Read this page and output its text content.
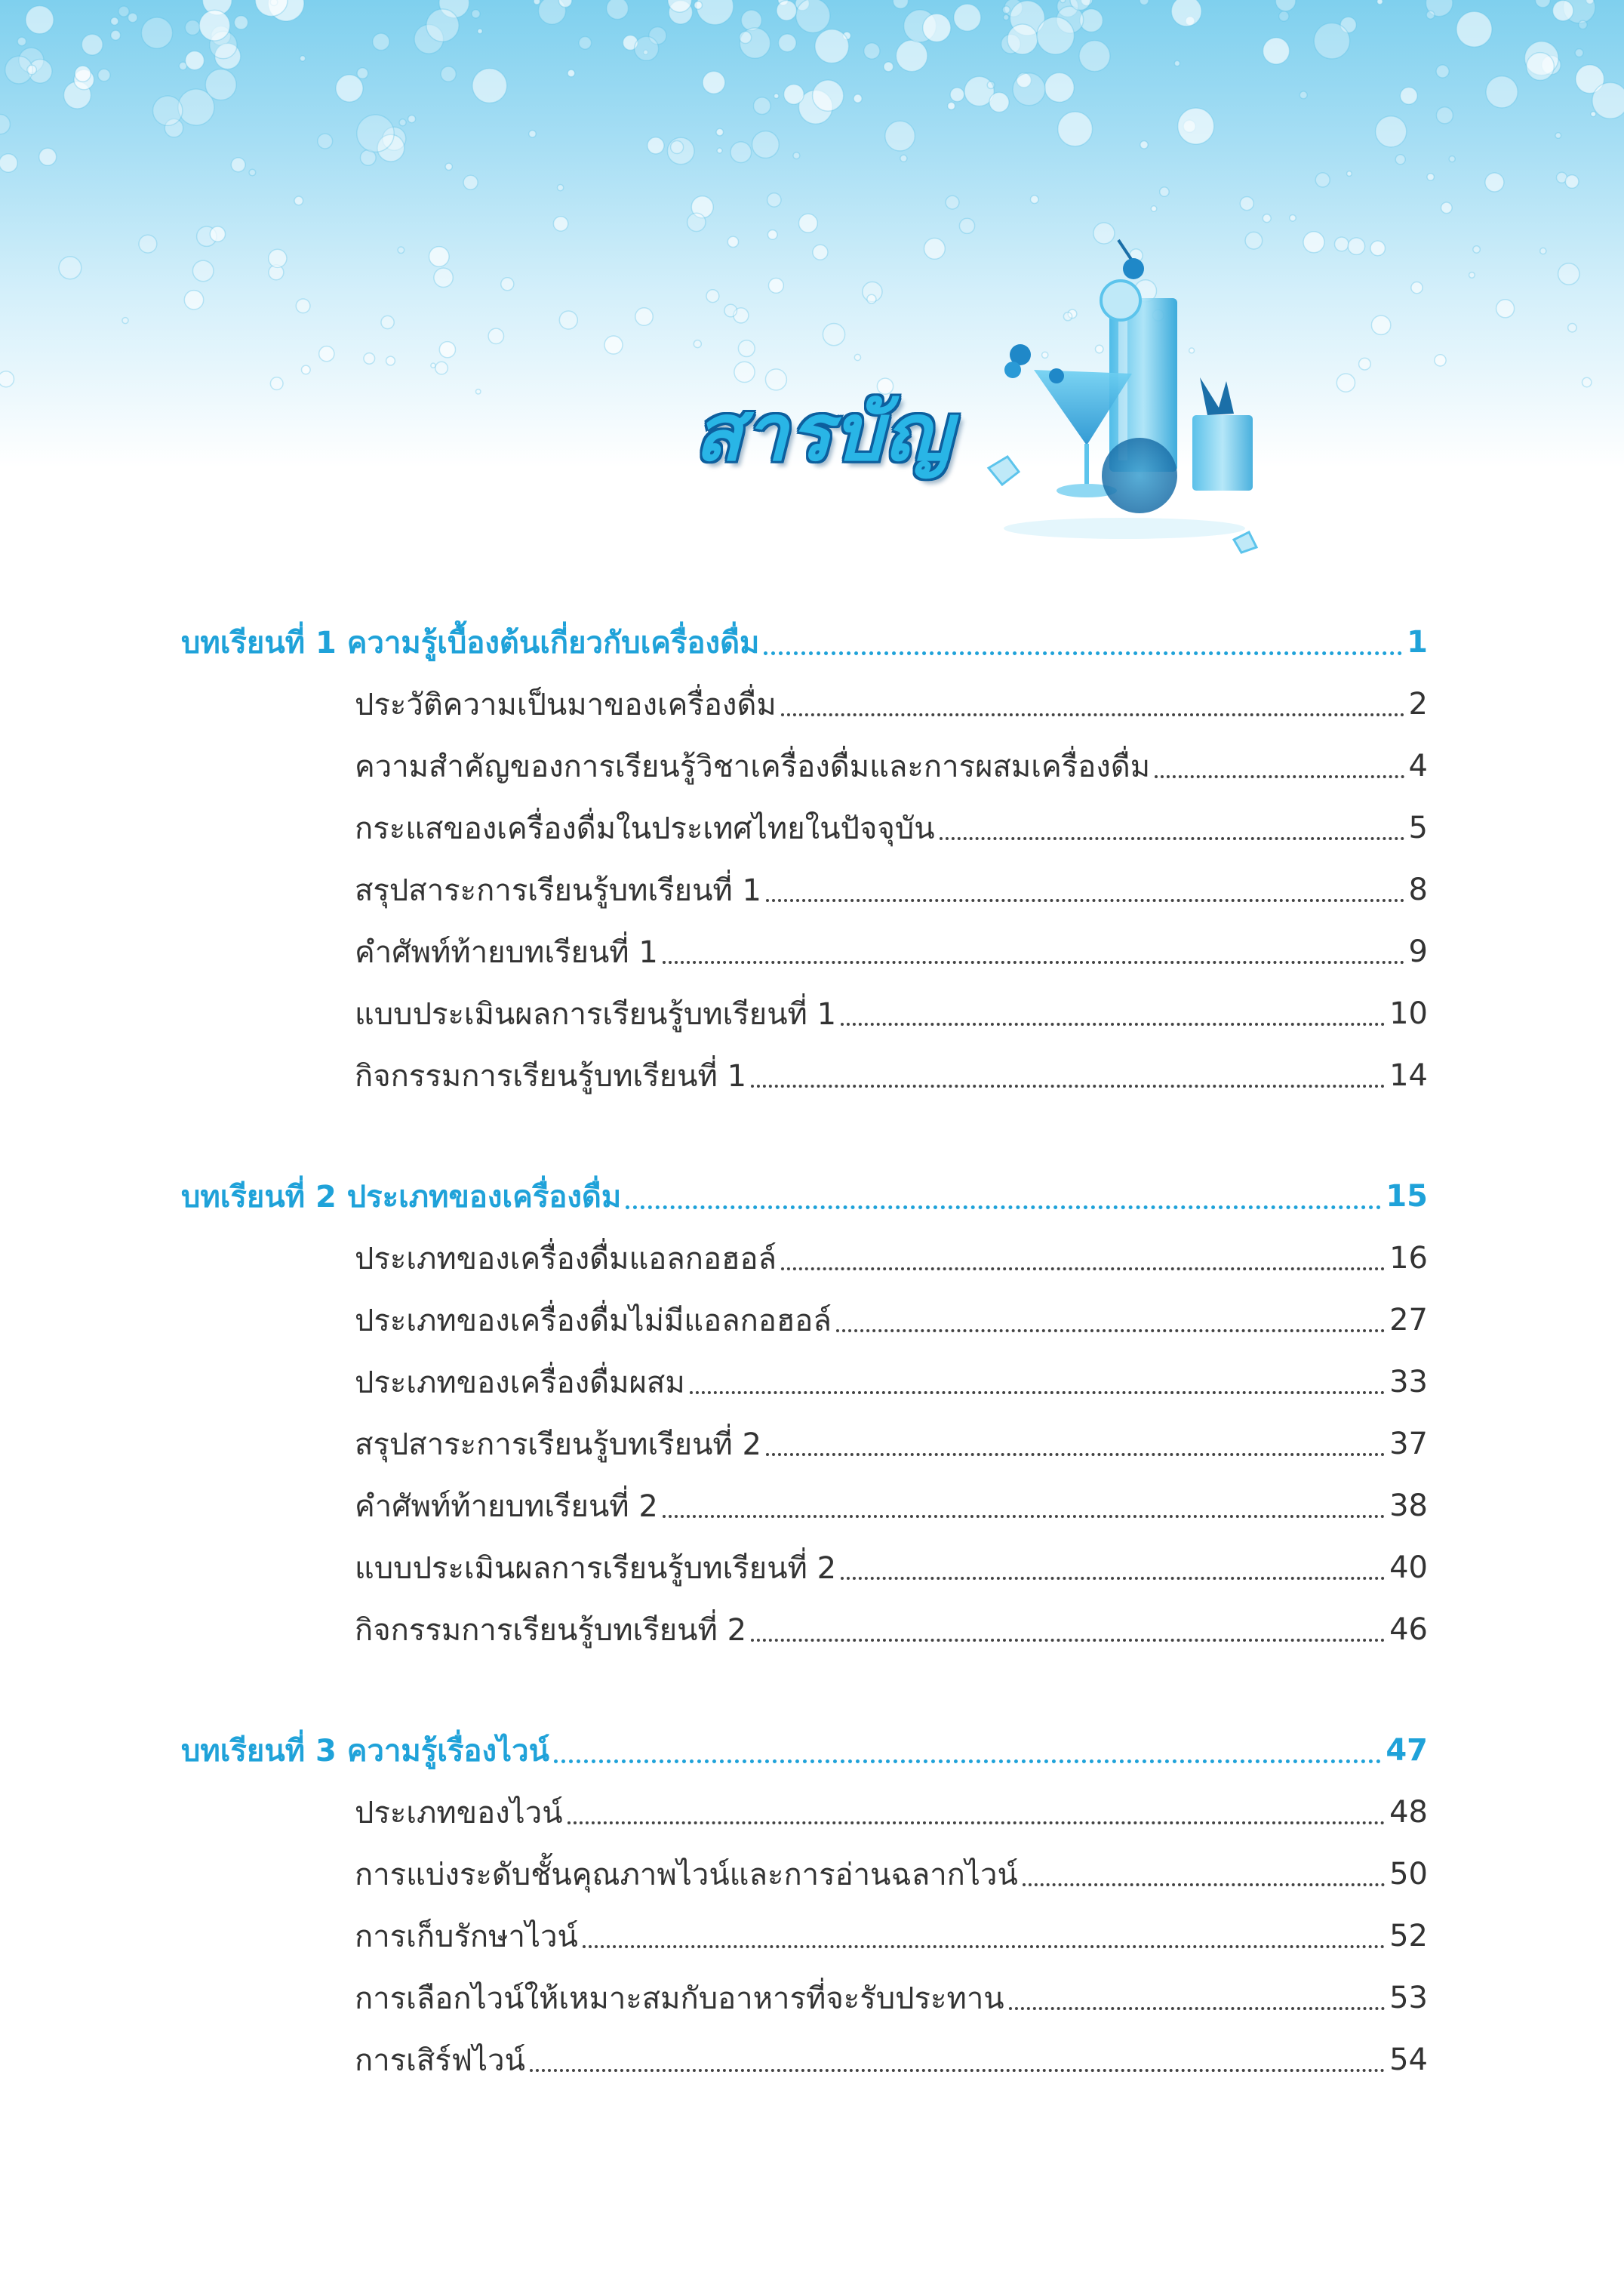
สารบัญ
บทเรียนที่ 1 ความรู้เบื้องต้นเกี่ยวกับเครื่องดื่ม	1
ประวัติความเป็นมาของเครื่องดื่ม	2
ความสำคัญของการเรียนรู้วิชาเครื่องดื่มและการผสมเครื่องดื่ม	4
กระแสของเครื่องดื่มในประเทศไทยในปัจจุบัน	5
สรุปสาระการเรียนรู้บทเรียนที่ 1	8
คำศัพท์ท้ายบทเรียนที่ 1	9
แบบประเมินผลการเรียนรู้บทเรียนที่ 1	10
กิจกรรมการเรียนรู้บทเรียนที่ 1	14
บทเรียนที่ 2 ประเภทของเครื่องดื่ม	15
ประเภทของเครื่องดื่มแอลกอฮอล์	16
ประเภทของเครื่องดื่มไม่มีแอลกอฮอล์	27
ประเภทของเครื่องดื่มผสม	33
สรุปสาระการเรียนรู้บทเรียนที่ 2	37
คำศัพท์ท้ายบทเรียนที่ 2	38
แบบประเมินผลการเรียนรู้บทเรียนที่ 2	40
กิจกรรมการเรียนรู้บทเรียนที่ 2	46
บทเรียนที่ 3 ความรู้เรื่องไวน์	47
ประเภทของไวน์	48
การแบ่งระดับชั้นคุณภาพไวน์และการอ่านฉลากไวน์	50
การเก็บรักษาไวน์	52
การเลือกไวน์ให้เหมาะสมกับอาหารที่จะรับประทาน	53
การเสิร์ฟไวน์	54
